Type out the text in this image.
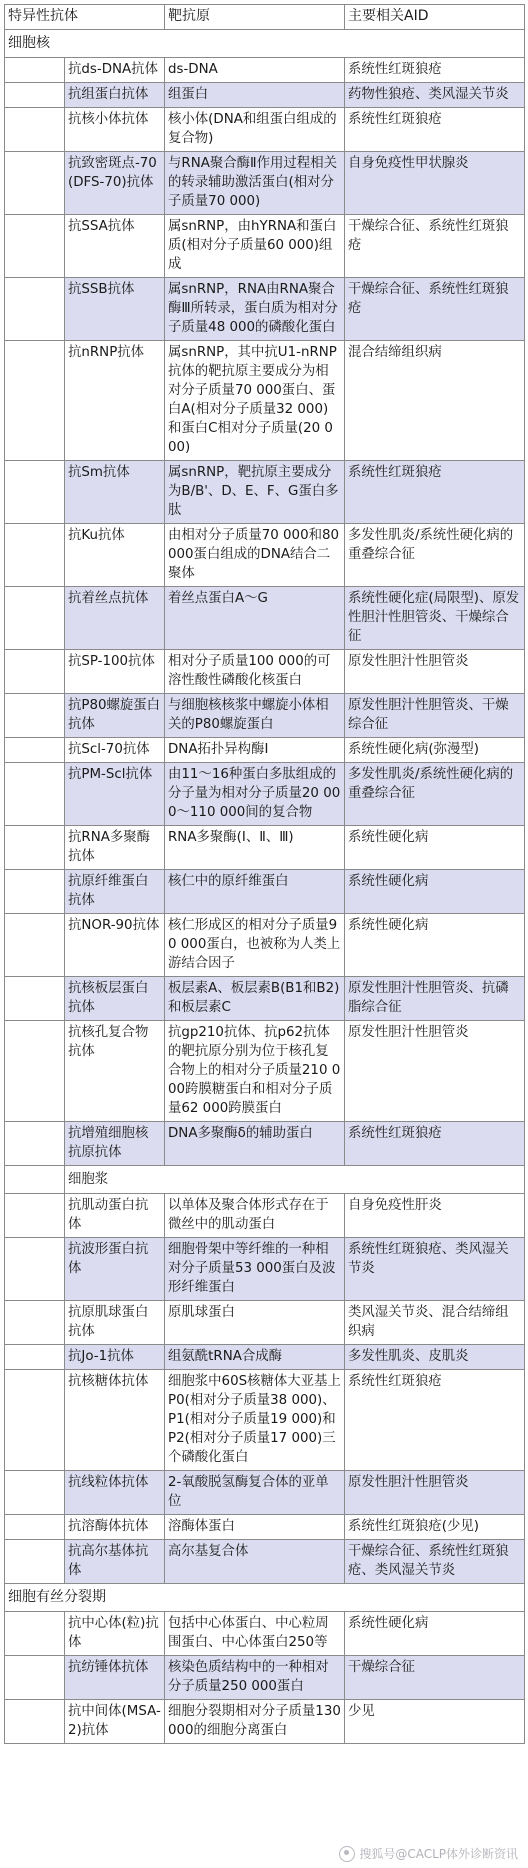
特异性抗体		靶抗原	主要相关AID
细胞核			
	抗ds-DNA抗体	ds-DNA	系统性红斑狼疮
	抗组蛋白抗体	组蛋白	药物性狼疮、类风湿关节炎
	抗核小体抗体	核小体(DNA和组蛋白组成的复合物)	系统性红斑狼疮
	抗致密斑点-70(DFS-70)抗体	与RNA聚合酶Ⅱ作用过程相关的转录辅助激活蛋白(相对分子质量70 000)	自身免疫性甲状腺炎
	抗SSA抗体	属snRNP，由hYRNA和蛋白质(相对分子质量60 000)组成	干燥综合征、系统性红斑狼疮
	抗SSB抗体	属snRNP，RNA由RNA聚合酶Ⅲ所转录，蛋白质为相对分子质量48 000的磷酸化蛋白	干燥综合征、系统性红斑狼疮
	抗nRNP抗体	属snRNP，其中抗U1-nRNP抗体的靶抗原主要成分为相对分子质量70 000蛋白、蛋白A(相对分子质量32 000)和蛋白C相对分子质量(20 000)	混合结缔组织病
	抗Sm抗体	属snRNP，靶抗原主要成分为B/B'、D、E、F、G蛋白多肽	系统性红斑狼疮
	抗Ku抗体	由相对分子质量70 000和80 000蛋白组成的DNA结合二聚体	多发性肌炎/系统性硬化病的重叠综合征
	抗着丝点抗体	着丝点蛋白A～G	系统性硬化症(局限型)、原发性胆汁性胆管炎、干燥综合征
	抗SP-100抗体	相对分子质量100 000的可溶性酸性磷酸化核蛋白	原发性胆汁性胆管炎
	抗P80螺旋蛋白抗体	与细胞核核浆中螺旋小体相关的P80螺旋蛋白	原发性胆汁性胆管炎、干燥综合征
	抗Scl-70抗体	DNA拓扑异构酶Ⅰ	系统性硬化病(弥漫型)
	抗PM-Scl抗体	由11～16种蛋白多肽组成的分子量为相对分子质量20 000～110 000间的复合物	多发性肌炎/系统性硬化病的重叠综合征
	抗RNA多聚酶抗体	RNA多聚酶(Ⅰ、Ⅱ、Ⅲ)	系统性硬化病
	抗原纤维蛋白抗体	核仁中的原纤维蛋白	系统性硬化病
	抗NOR-90抗体	核仁形成区的相对分子质量90 000蛋白，也被称为人类上游结合因子	系统性硬化病
	抗核板层蛋白抗体	板层素A、板层素B(B1和B2)和板层素C	原发性胆汁性胆管炎、抗磷脂综合征
	抗核孔复合物抗体	抗gp210抗体、抗p62抗体的靶抗原分别为位于核孔复合物上的相对分子质量210 000跨膜糖蛋白和相对分子质量62 000跨膜蛋白	原发性胆汁性胆管炎
	抗增殖细胞核抗原抗体	DNA多聚酶δ的辅助蛋白	系统性红斑狼疮
	细胞浆		
	抗肌动蛋白抗体	以单体及聚合体形式存在于微丝中的肌动蛋白	自身免疫性肝炎
	抗波形蛋白抗体	细胞骨架中等纤维的一种相对分子质量53 000蛋白及波形纤维蛋白	系统性红斑狼疮、类风湿关节炎
	抗原肌球蛋白抗体	原肌球蛋白	类风湿关节炎、混合结缔组织病
	抗Jo-1抗体	组氨酰tRNA合成酶	多发性肌炎、皮肌炎
	抗核糖体抗体	细胞浆中60S核糖体大亚基上P0(相对分子质量38 000)、P1(相对分子质量19 000)和P2(相对分子质量17 000)三个磷酸化蛋白	系统性红斑狼疮
	抗线粒体抗体	2-氧酸脱氢酶复合体的亚单位	原发性胆汁性胆管炎
	抗溶酶体抗体	溶酶体蛋白	系统性红斑狼疮(少见)
	抗高尔基体抗体	高尔基复合体	干燥综合征、系统性红斑狼疮、类风湿关节炎
细胞有丝分裂期			
	抗中心体(粒)抗体	包括中心体蛋白、中心粒周围蛋白、中心体蛋白250等	系统性硬化病
	抗纺锤体抗体	核染色质结构中的一种相对分子质量250 000蛋白	干燥综合征
	抗中间体(MSA-2)抗体	细胞分裂期相对分子质量130 000的细胞分离蛋白	少见
搜狐号@CACLP体外诊断资讯
